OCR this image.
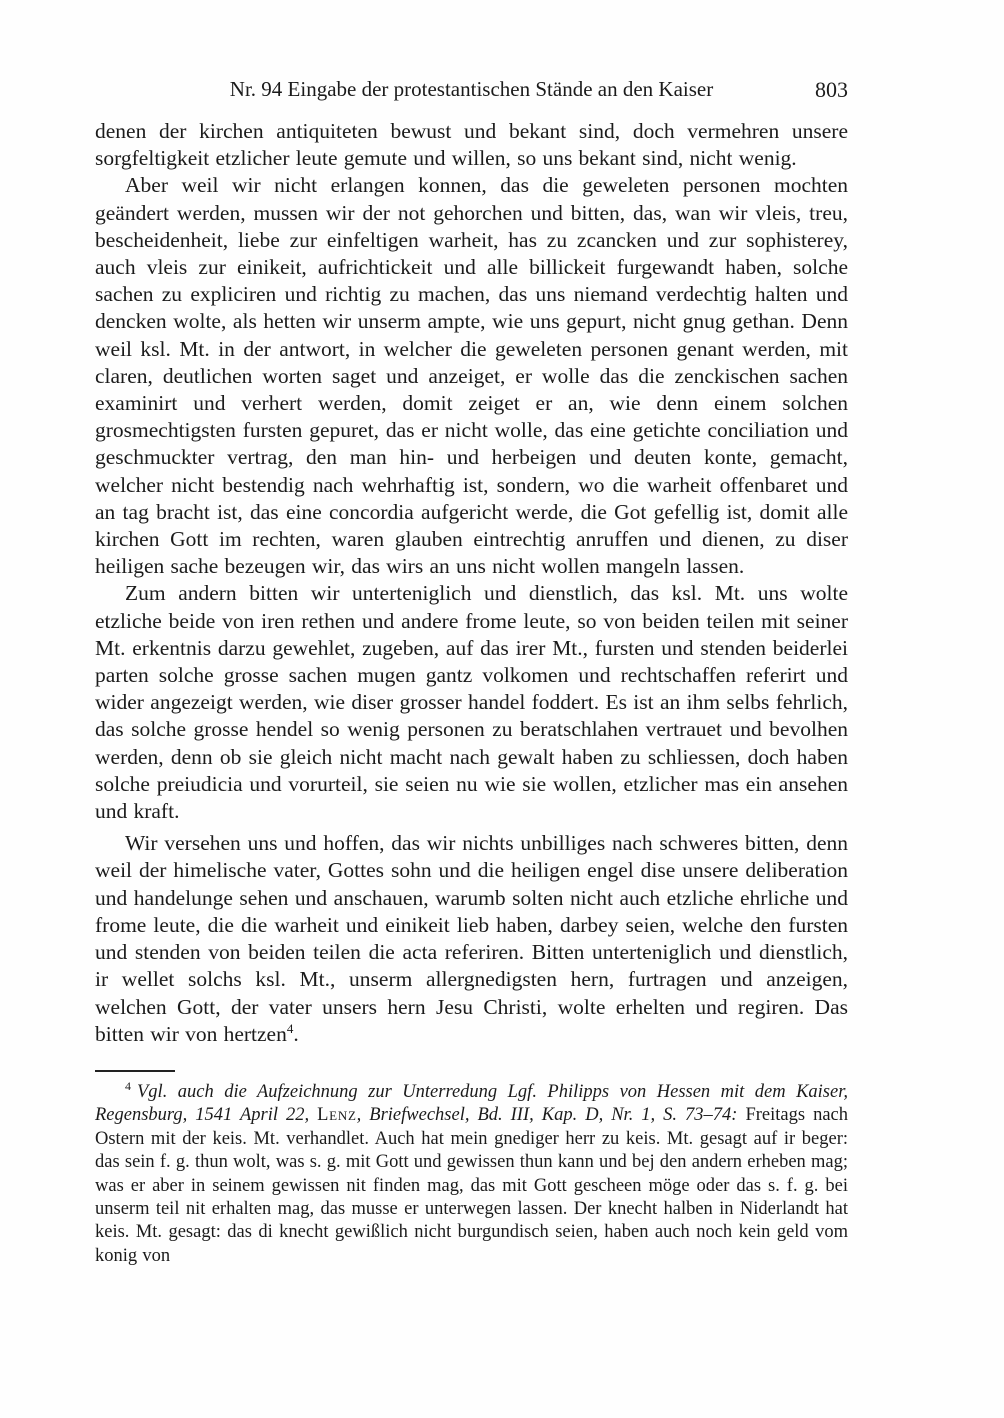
Nr. 94 Eingabe der protestantischen Stände an den Kaiser	803

denen der kirchen antiquiteten bewust und bekant sind, doch vermehren unsere sorgfeltigkeit etzlicher leute gemute und willen, so uns bekant sind, nicht wenig.

Aber weil wir nicht erlangen konnen, das die geweleten personen mochten geändert werden, mussen wir der not gehorchen und bitten, das, wan wir vleis, treu, bescheidenheit, liebe zur einfeltigen warheit, has zu zcancken und zur sophisterey, auch vleis zur einikeit, aufrichtickeit und alle billickeit furgewandt haben, solche sachen zu expliciren und richtig zu machen, das uns niemand verdechtig halten und dencken wolte, als hetten wir unserm ampte, wie uns gepurt, nicht gnug gethan. Denn weil ksl. Mt. in der antwort, in welcher die geweleten personen genant werden, mit claren, deutlichen worten saget und anzeiget, er wolle das die zenckischen sachen examinirt und verhert werden, domit zeiget er an, wie denn einem solchen grosmechtigsten fursten gepuret, das er nicht wolle, das eine getichte conciliation und geschmuckter vertrag, den man hin- und herbeigen und deuten konte, gemacht, welcher nicht bestendig nach wehrhaftig ist, sondern, wo die warheit offenbaret und an tag bracht ist, das eine concordia aufgericht werde, die Got gefellig ist, domit alle kirchen Gott im rechten, waren glauben eintrechtig anruffen und dienen, zu diser heiligen sache bezeugen wir, das wirs an uns nicht wollen mangeln lassen.

Zum andern bitten wir unterteniglich und dienstlich, das ksl. Mt. uns wolte etzliche beide von iren rethen und andere frome leute, so von beiden teilen mit seiner Mt. erkentnis darzu gewehlet, zugeben, auf das irer Mt., fursten und stenden beiderlei parten solche grosse sachen mugen gantz volkomen und rechtschaffen referirt und wider angezeigt werden, wie diser grosser handel foddert. Es ist an ihm selbs fehrlich, das solche grosse hendel so wenig personen zu beratschlahen vertrauet und bevolhen werden, denn ob sie gleich nicht macht nach gewalt haben zu schliessen, doch haben solche preiudicia und vorurteil, sie seien nu wie sie wollen, etzlicher mas ein ansehen und kraft.

Wir versehen uns und hoffen, das wir nichts unbilliges nach schweres bitten, denn weil der himelische vater, Gottes sohn und die heiligen engel dise unsere deliberation und handelunge sehen und anschauen, warumb solten nicht auch etzliche ehrliche und frome leute, die die warheit und einikeit lieb haben, darbey seien, welche den fursten und stenden von beiden teilen die acta referiren. Bitten unterteniglich und dienstlich, ir wellet solchs ksl. Mt., unserm allergnedigsten hern, furtragen und anzeigen, welchen Gott, der vater unsers hern Jesu Christi, wolte erhelten und regiren. Das bitten wir von hertzen$^4$.

$^4$ Vgl. auch die Aufzeichnung zur Unterredung Lgf. Philipps von Hessen mit dem Kaiser, Regensburg, 1541 April 22, Lenz, Briefwechsel, Bd. III, Kap. D, Nr. 1, S. 73–74: Freitags nach Ostern mit der keis. Mt. verhandlet. Auch hat mein gnediger herr zu keis. Mt. gesagt auf ir beger: das sein f. g. thun wolt, was s. g. mit Gott und gewissen thun kann und bej den andern erheben mag; was er aber in seinem gewissen nit finden mag, das mit Gott gescheen möge oder das s. f. g. bei unserm teil nit erhalten mag, das musse er unterwegen lassen. Der knecht halben in Niderlandt hat keis. Mt. gesagt: das di knecht gewißlich nicht burgundisch seien, haben auch noch kein geld vom konig von
